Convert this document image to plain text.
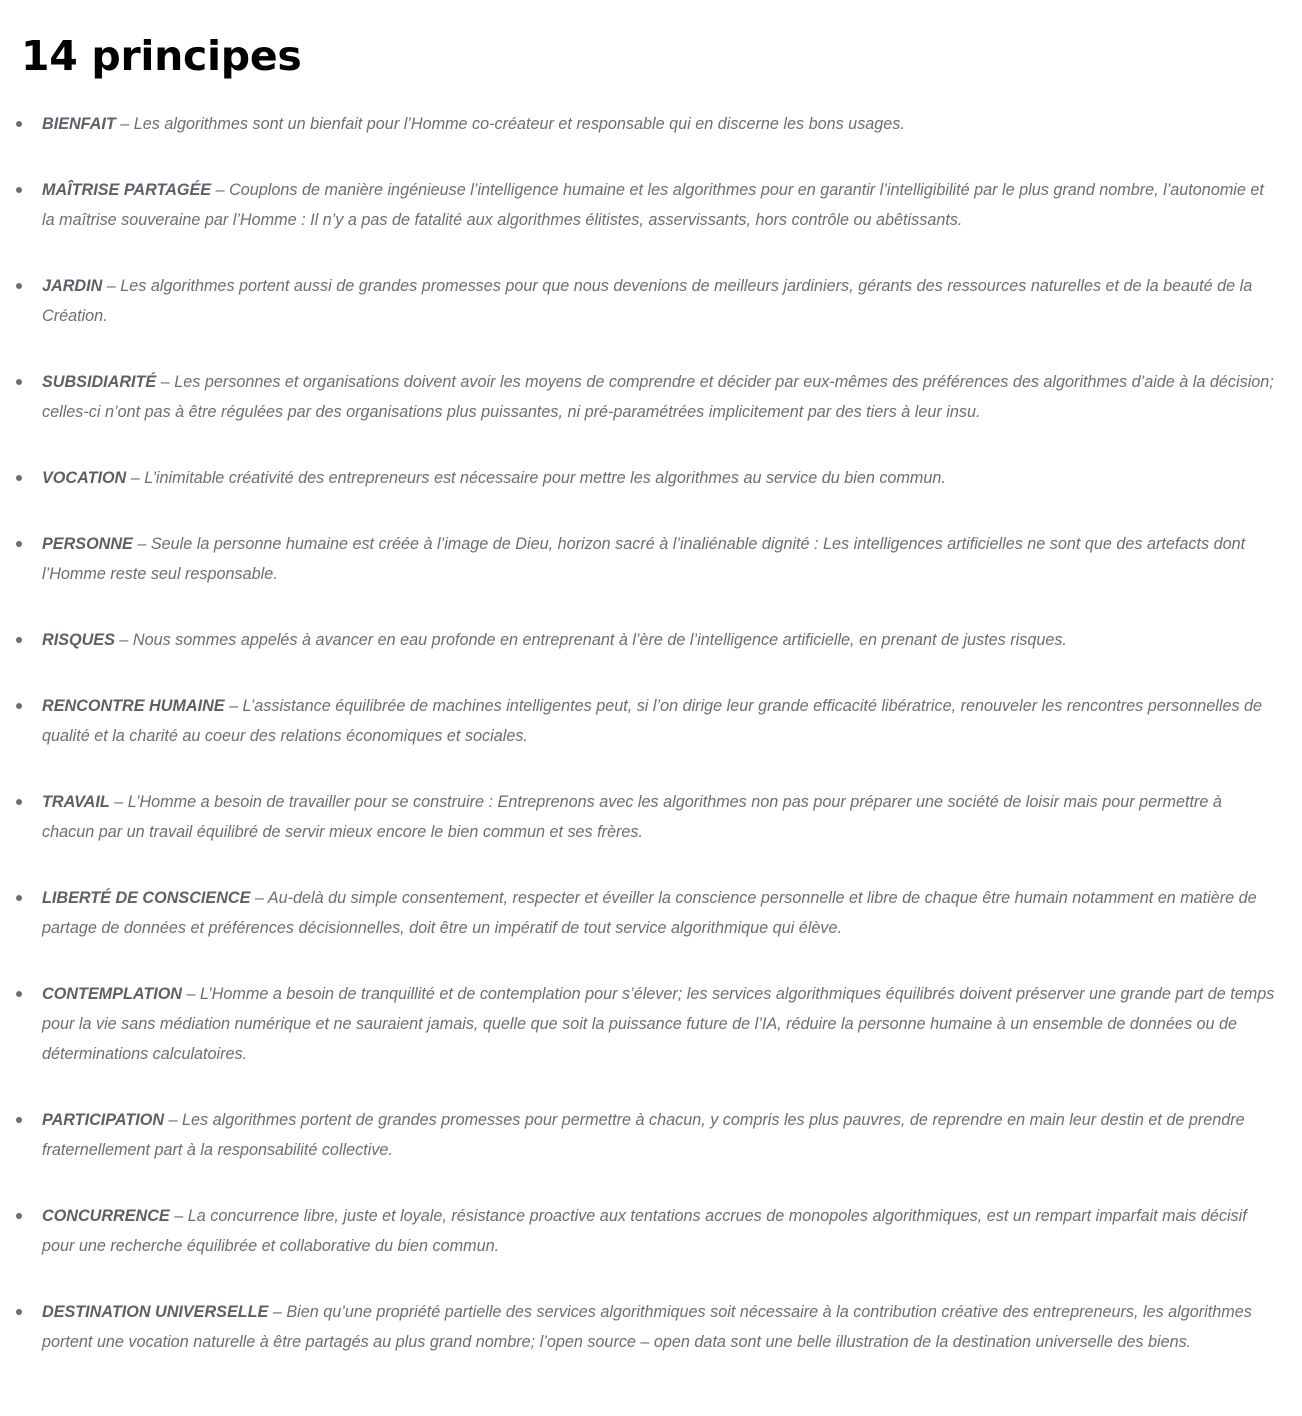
14 principes
BIENFAIT – Les algorithmes sont un bienfait pour l’Homme co-créateur et responsable qui en discerne les bons usages.
MAÎTRISE PARTAGÉE – Couplons de manière ingénieuse l’intelligence humaine et les algorithmes pour en garantir l’intelligibilité par le plus grand nombre, l’autonomie et la maîtrise souveraine par l’Homme : Il n’y a pas de fatalité aux algorithmes élitistes, asservissants, hors contrôle ou abêtissants.
JARDIN – Les algorithmes portent aussi de grandes promesses pour que nous devenions de meilleurs jardiniers, gérants des ressources naturelles et de la beauté de la Création.
SUBSIDIARITÉ – Les personnes et organisations doivent avoir les moyens de comprendre et décider par eux-mêmes des préférences des algorithmes d’aide à la décision; celles-ci n’ont pas à être régulées par des organisations plus puissantes, ni pré-paramétrées implicitement par des tiers à leur insu.
VOCATION – L’inimitable créativité des entrepreneurs est nécessaire pour mettre les algorithmes au service du bien commun.
PERSONNE – Seule la personne humaine est créée à l’image de Dieu, horizon sacré à l’inaliénable dignité : Les intelligences artificielles ne sont que des artefacts dont l’Homme reste seul responsable.
RISQUES – Nous sommes appelés à avancer en eau profonde en entreprenant à l’ère de l’intelligence artificielle, en prenant de justes risques.
RENCONTRE HUMAINE – L’assistance équilibrée de machines intelligentes peut, si l’on dirige leur grande efficacité libératrice, renouveler les rencontres personnelles de qualité et la charité au coeur des relations économiques et sociales.
TRAVAIL – L’Homme a besoin de travailler pour se construire : Entreprenons avec les algorithmes non pas pour préparer une société de loisir mais pour permettre à chacun par un travail équilibré de servir mieux encore le bien commun et ses frères.
LIBERTÉ DE CONSCIENCE – Au-delà du simple consentement, respecter et éveiller la conscience personnelle et libre de chaque être humain notamment en matière de partage de données et préférences décisionnelles, doit être un impératif de tout service algorithmique qui élève.
CONTEMPLATION – L’Homme a besoin de tranquillité et de contemplation pour s’élever; les services algorithmiques équilibrés doivent préserver une grande part de temps pour la vie sans médiation numérique et ne sauraient jamais, quelle que soit la puissance future de l’IA, réduire la personne humaine à un ensemble de données ou de déterminations calculatoires.
PARTICIPATION – Les algorithmes portent de grandes promesses pour permettre à chacun, y compris les plus pauvres, de reprendre en main leur destin et de prendre fraternellement part à la responsabilité collective.
CONCURRENCE – La concurrence libre, juste et loyale, résistance proactive aux tentations accrues de monopoles algorithmiques, est un rempart imparfait mais décisif pour une recherche équilibrée et collaborative du bien commun.
DESTINATION UNIVERSELLE – Bien qu’une propriété partielle des services algorithmiques soit nécessaire à la contribution créative des entrepreneurs, les algorithmes portent une vocation naturelle à être partagés au plus grand nombre; l’open source – open data sont une belle illustration de la destination universelle des biens.
